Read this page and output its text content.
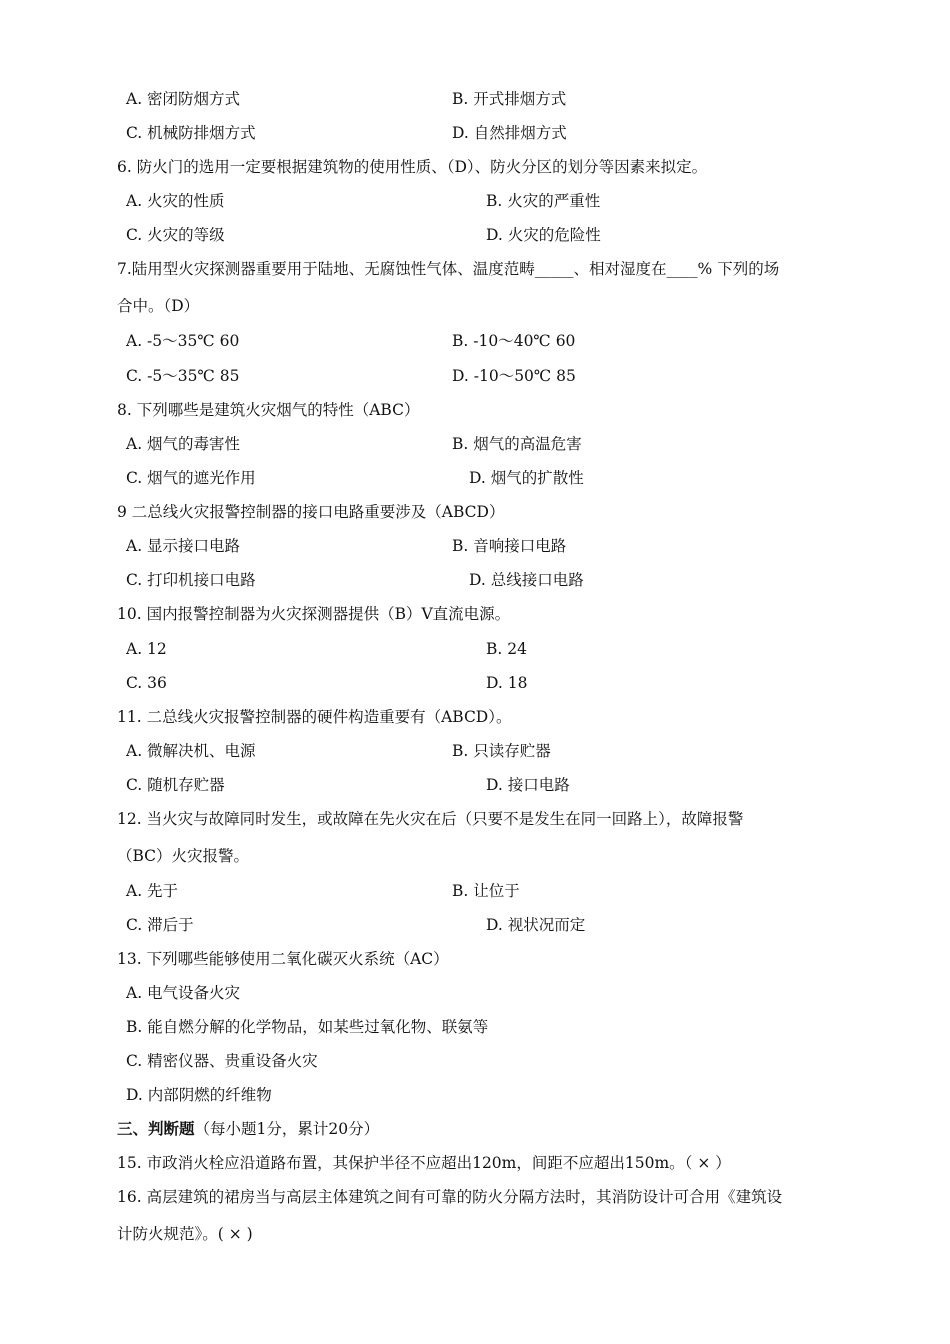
A. 密闭防烟方式	B. 开式排烟方式
C. 机械防排烟方式	D. 自然排烟方式
6. 防火门的选用一定要根据建筑物的使用性质、（D）、防火分区的划分等因素来拟定。
A. 火灾的性质	B. 火灾的严重性
C. 火灾的等级	D. 火灾的危险性
7.陆用型火灾探测器重要用于陆地、无腐蚀性气体、温度范畴_____、相对湿度在____% 下列的场
合中。（D）
A. -5～35℃ 60	B. -10～40℃ 60
C. -5～35℃ 85	D. -10～50℃ 85
8. 下列哪些是建筑火灾烟气的特性（ABC）
A. 烟气的毒害性	B. 烟气的高温危害
C. 烟气的遮光作用	D. 烟气的扩散性
9 二总线火灾报警控制器的接口电路重要涉及（ABCD）
A. 显示接口电路	B. 音响接口电路
C. 打印机接口电路	D. 总线接口电路
10. 国内报警控制器为火灾探测器提供（B）V直流电源。
A. 12	B. 24
C. 36	D. 18
11. 二总线火灾报警控制器的硬件构造重要有（ABCD）。
A. 微解决机、电源	B. 只读存贮器
C. 随机存贮器	D. 接口电路
12. 当火灾与故障同时发生，或故障在先火灾在后（只要不是发生在同一回路上），故障报警
（BC）火灾报警。
A. 先于	B. 让位于
C. 滞后于	D. 视状况而定
13. 下列哪些能够使用二氧化碳灭火系统（AC）
A. 电气设备火灾
B. 能自燃分解的化学物品，如某些过氧化物、联氨等
C. 精密仪器、贵重设备火灾
D. 内部阴燃的纤维物
三、判断题（每小题1分，累计20分）
15. 市政消火栓应沿道路布置，其保护半径不应超出120m，间距不应超出150m。（ × ）
16. 高层建筑的裙房当与高层主体建筑之间有可靠的防火分隔方法时，其消防设计可合用《建筑设
计防火规范》。( × )
